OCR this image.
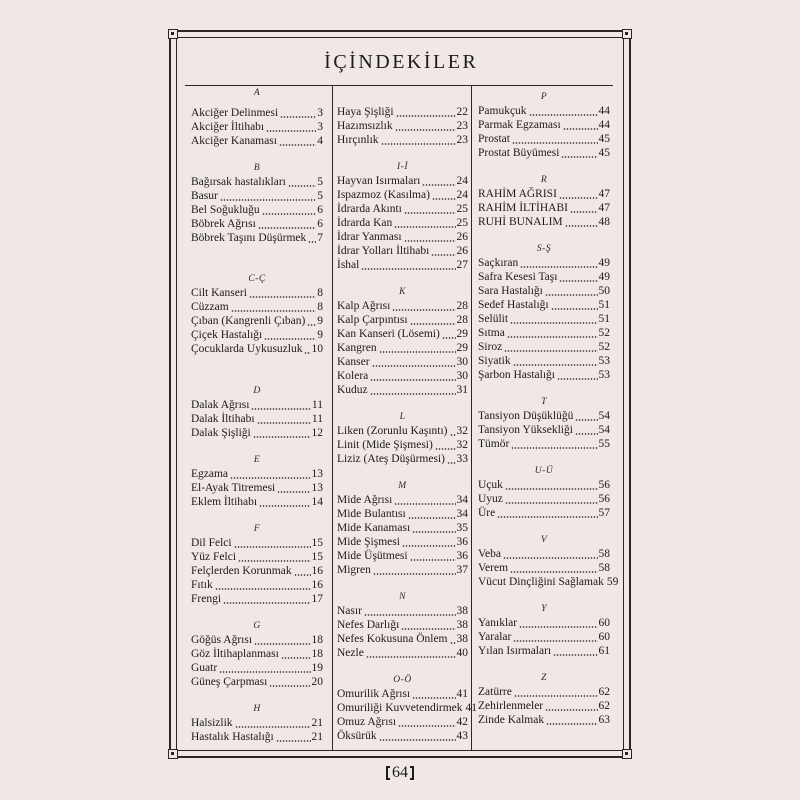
İÇİNDEKİLER
A
Akciğer Delinmesi	3
Akciğer İltihabı	3
Akciğer Kanaması	4
B
Bağırsak hastalıkları	5
Basur	5
Bel Soğukluğu	6
Böbrek Ağrısı	6
Böbrek Taşını Düşürmek 7
C-Ç
Cilt Kanseri	8
Cüzzam	8
Çıban (Kangrenli Çıban) 9
Çiçek Hastalığı	9
Çocuklarda Uykusuzluk 10
D
Dalak Ağrısı	11
Dalak İltihabı	11
Dalak Şişliği	12
E
Egzama	13
El-Ayak Titremesi	13
Eklem İltihabı	14
F
Dil Felci	15
Yüz Felci	15
Felçlerden Korunmak 16
Fıtık	16
Frengi	17
G
Göğüs Ağrısı	18
Göz İltihaplanması	18
Guatr	19
Güneş Çarpması	20
H
Halsizlik	21
Hastalık Hastalığı	21
Haya Şişliği	22
Hazımsızlık	23
Hırçınlık	23
I-İ
Hayvan Isırmaları	24
Ispazmoz (Kasılma) 24
İdrarda Akıntı	25
İdrarda Kan	25
İdrar Yanması	26
İdrar Yolları İltihabı 26
İshal	27
K
Kalp Ağrısı	28
Kalp Çarpıntısı	28
Kan Kanseri (Lösemi) 29
Kangren	29
Kanser	30
Kolera	30
Kuduz	31
L
Liken (Zorunlu Kaşıntı) 32
Linit (Mide Şişmesi) 32
Liziz (Ateş Düşürmesi) 33
M
Mide Ağrısı	34
Mide Bulantısı	34
Mide Kanaması	35
Mide Şişmesi	36
Mide Üşütmesi	36
Migren	37
N
Nasır	38
Nefes Darlığı	38
Nefes Kokusuna Önlem 38
Nezle	40
O-Ö
Omurilik Ağrısı	41
Omuriliği Kuvvetendirmek 41
Omuz Ağrısı	42
Öksürük	43
P
Pamukçuk	44
Parmak Egzaması	44
Prostat	45
Prostat Büyümesi	45
R
RAHİM AĞRISI	47
RAHİM İLTİHABI	47
RUHİ BUNALIM	48
S-Ş
Saçkıran	49
Safra Kesesi Taşı	49
Sara Hastalığı	50
Sedef Hastalığı	51
Selülit	51
Sıtma	52
Siroz	52
Siyatik	53
Şarbon Hastalığı	53
T
Tansiyon Düşüklüğü 54
Tansiyon Yüksekliği 54
Tümör	55
U-Ü
Uçuk	56
Uyuz	56
Üre	57
V
Veba	58
Verem	58
Vücut Dinçliğini Sağlamak 59
Y
Yanıklar	60
Yaralar	60
Yılan Isırmaları	61
Z
Zatürre	62
Zehirlenmeler	62
Zinde Kalmak	63
64
